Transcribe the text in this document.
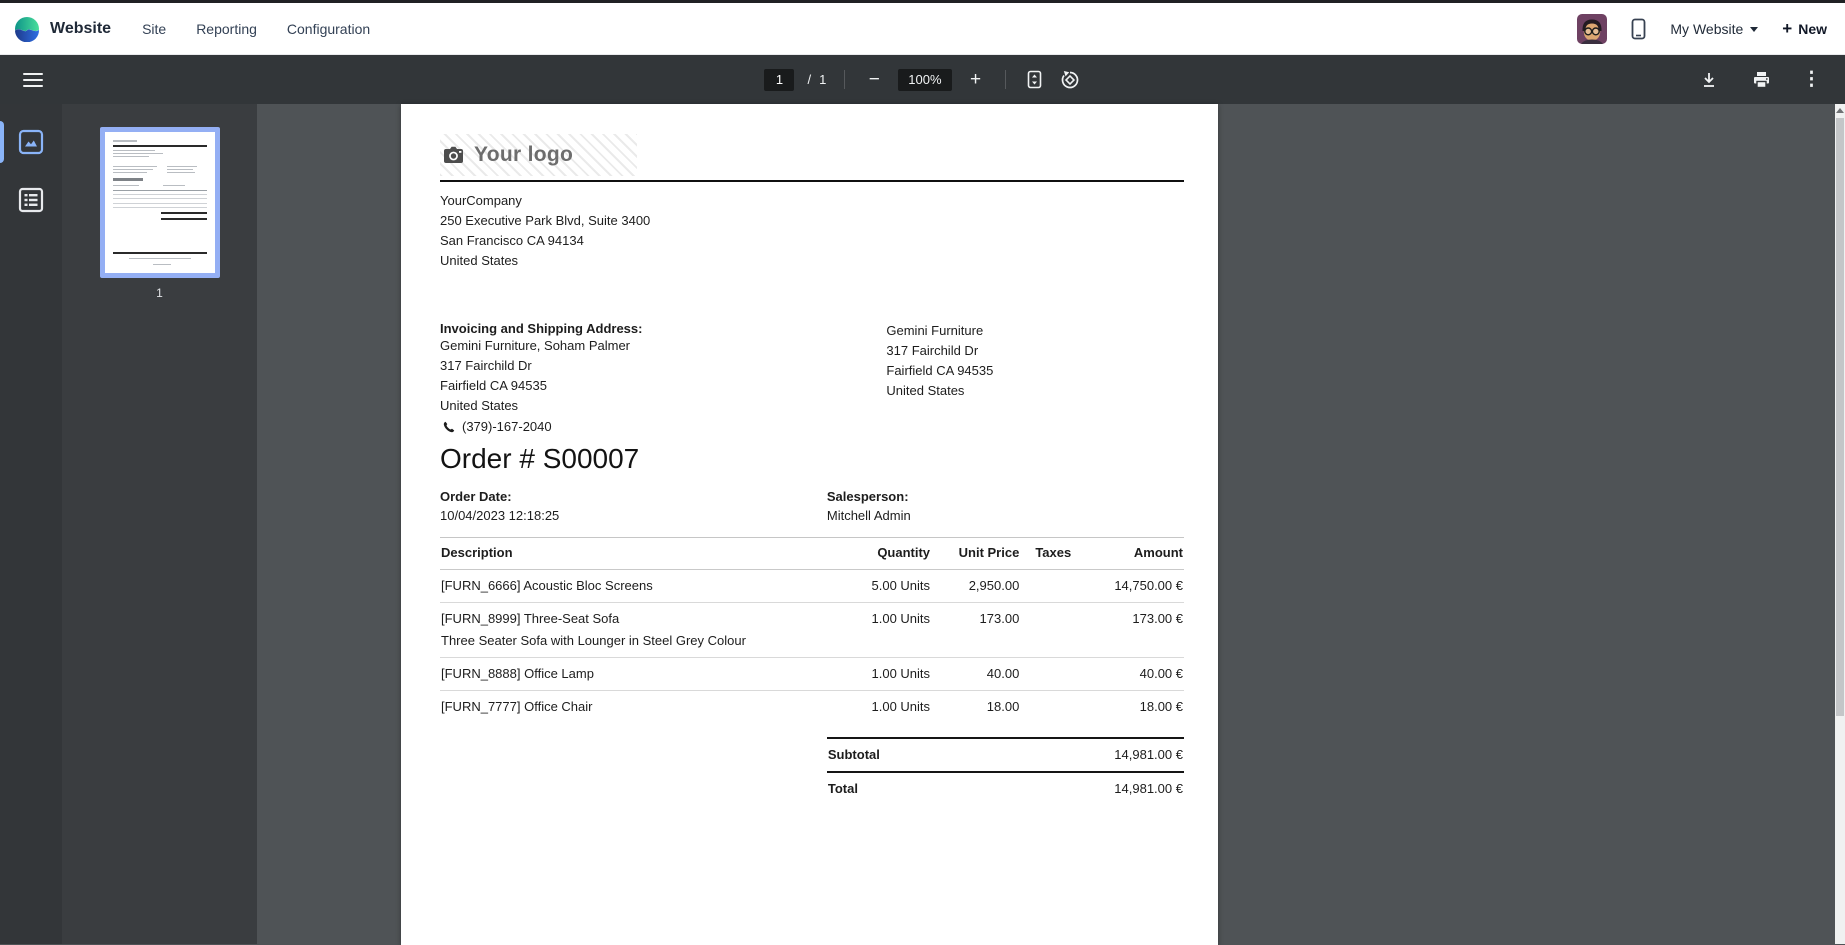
Website	Site	Reporting	Configuration	My Website + New
1	/ 1 −	100%	+	⋮
1
Your logo
YourCompany
250 Executive Park Blvd, Suite 3400
San Francisco CA 94134
United States
Invoicing and Shipping Address:
Gemini Furniture, Soham Palmer
317 Fairchild Dr
Fairfield CA 94535
United States
(379)-167-2040
Gemini Furniture
317 Fairchild Dr
Fairfield CA 94535
United States
Order # S00007
Order Date:
10/04/2023 12:18:25
Salesperson:
Mitchell Admin
Description	Quantity	Unit Price	Taxes	Amount
[FURN_6666] Acoustic Bloc Screens	5.00 Units	2,950.00		14,750.00 €

[FURN_8999] Three-Seat Sofa
Three Seater Sofa with Lounger in Steel Grey Colour	1.00 Units	173.00		173.00 €
[FURN_8888] Office Lamp	1.00 Units	40.00		40.00 €
[FURN_7777] Office Chair	1.00 Units	18.00		18.00 €
Subtotal	14,981.00 €
Total	14,981.00 €
